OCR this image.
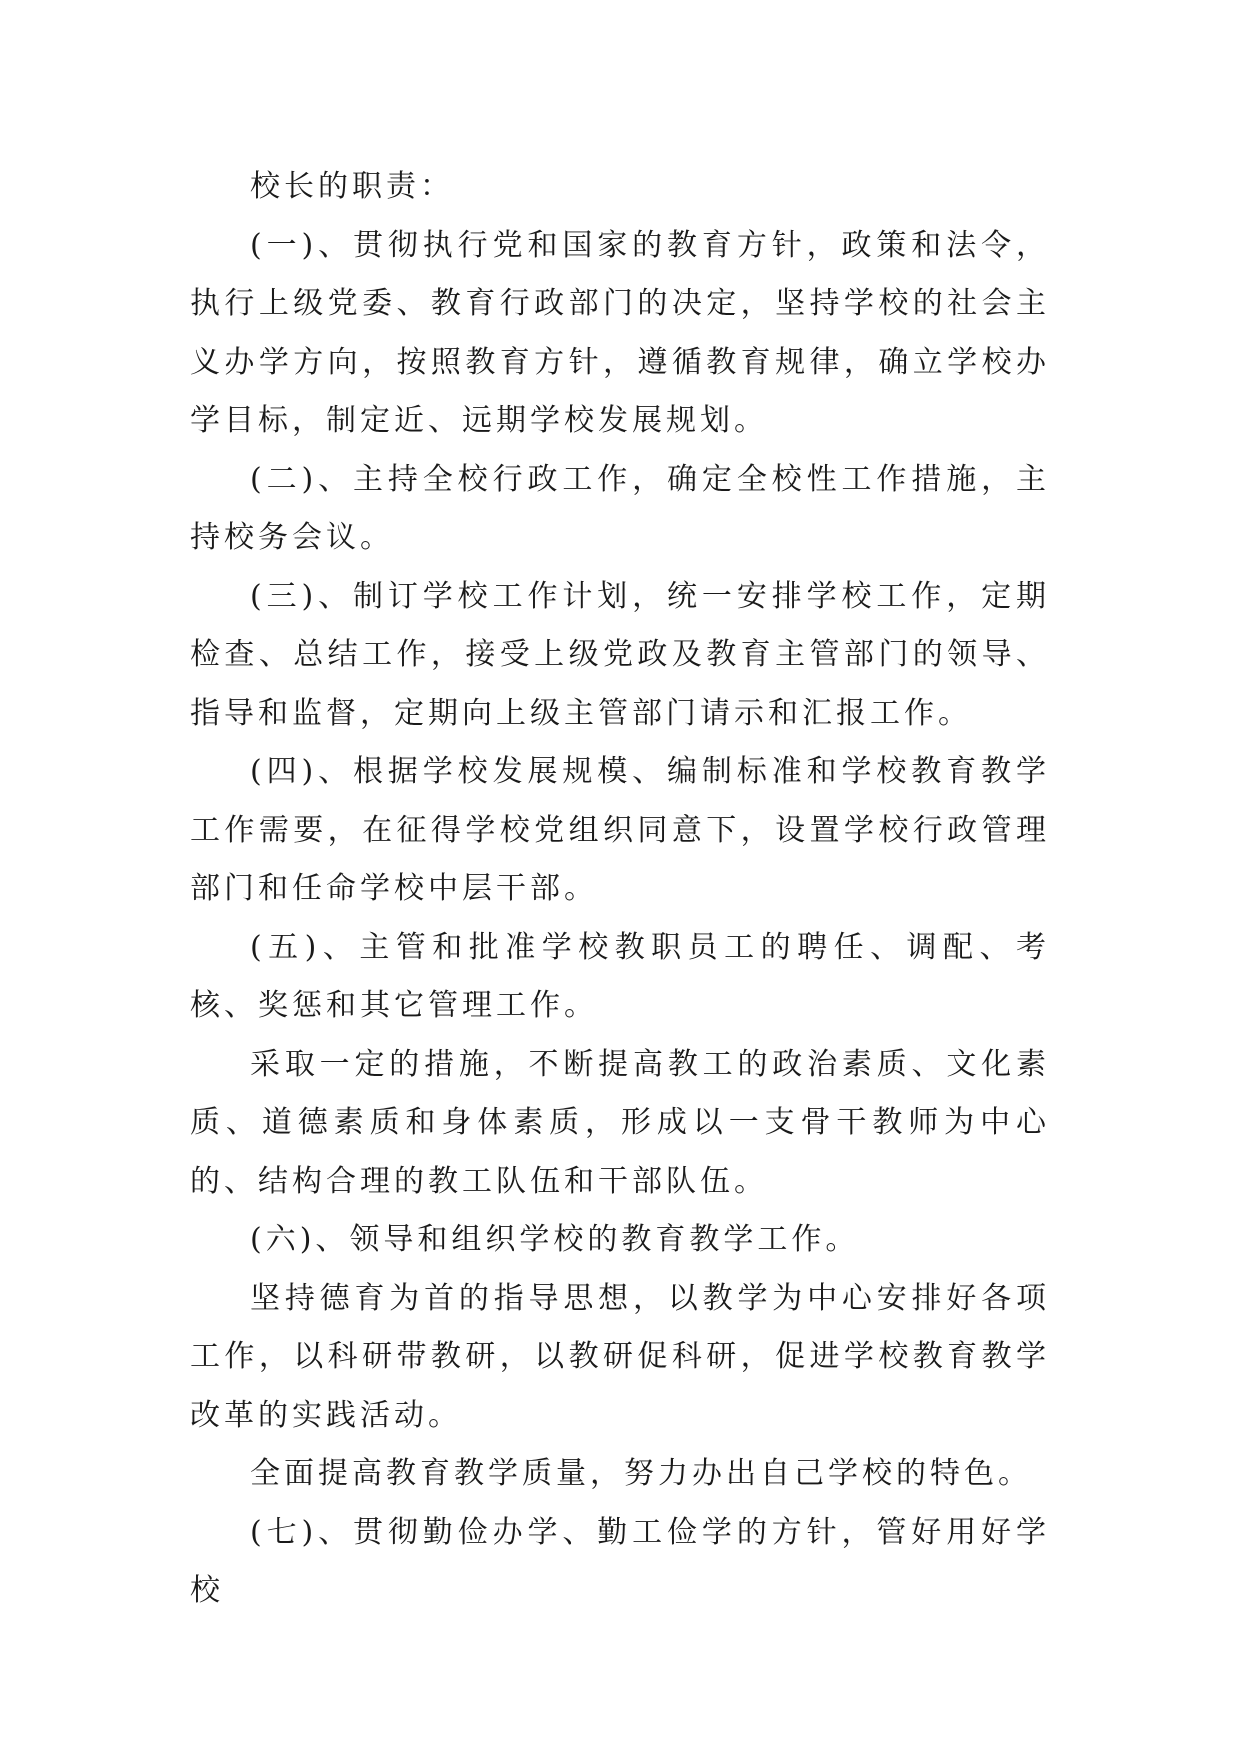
校长的职责：

(一)、贯彻执行党和国家的教育方针，政策和法令，执行上级党委、教育行政部门的决定，坚持学校的社会主义办学方向，按照教育方针，遵循教育规律，确立学校办学目标，制定近、远期学校发展规划。

(二)、主持全校行政工作，确定全校性工作措施，主持校务会议。

(三)、制订学校工作计划，统一安排学校工作，定期检查、总结工作，接受上级党政及教育主管部门的领导、指导和监督，定期向上级主管部门请示和汇报工作。

(四)、根据学校发展规模、编制标准和学校教育教学工作需要，在征得学校党组织同意下，设置学校行政管理部门和任命学校中层干部。

(五)、主管和批准学校教职员工的聘任、调配、考核、奖惩和其它管理工作。

采取一定的措施，不断提高教工的政治素质、文化素质、道德素质和身体素质，形成以一支骨干教师为中心的、结构合理的教工队伍和干部队伍。

(六)、领导和组织学校的教育教学工作。

坚持德育为首的指导思想，以教学为中心安排好各项工作，以科研带教研，以教研促科研，促进学校教育教学改革的实践活动。

全面提高教育教学质量，努力办出自己学校的特色。

(七)、贯彻勤俭办学、勤工俭学的方针，管好用好学校
